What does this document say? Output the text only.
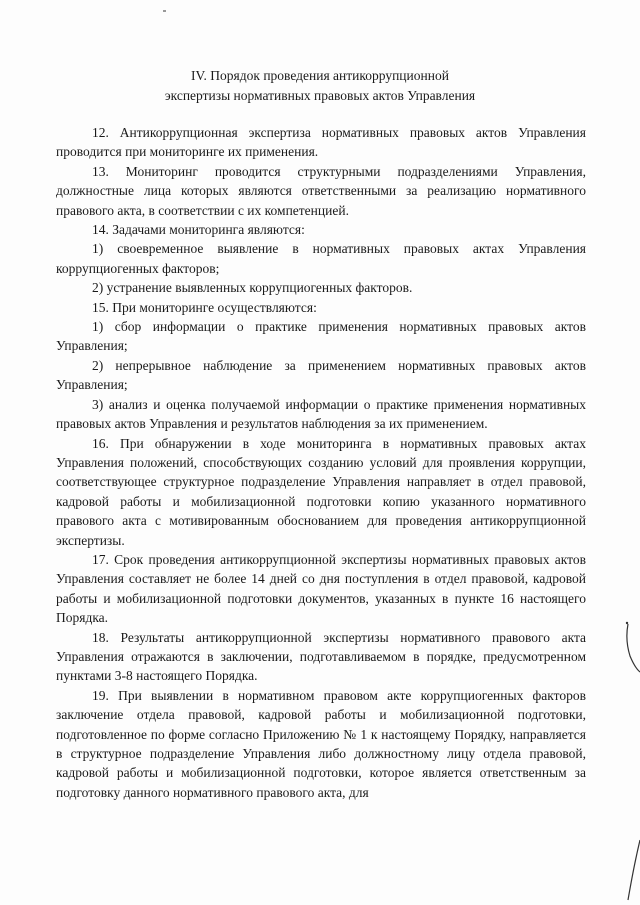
IV. Порядок проведения антикоррупционной
экспертизы нормативных правовых актов Управления

12. Антикоррупционная экспертиза нормативных правовых актов Управления проводится при мониторинге их применения.

13. Мониторинг проводится структурными подразделениями Управления, должностные лица которых являются ответственными за реализацию нормативного правового акта, в соответствии с их компетенцией.

14. Задачами мониторинга являются:

1) своевременное выявление в нормативных правовых актах Управления коррупциогенных факторов;

2) устранение выявленных коррупциогенных факторов.

15. При мониторинге осуществляются:

1) сбор информации о практике применения нормативных правовых актов Управления;

2) непрерывное наблюдение за применением нормативных правовых актов Управления;

3) анализ и оценка получаемой информации о практике применения нормативных правовых актов Управления и результатов наблюдения за их применением.

16. При обнаружении в ходе мониторинга в нормативных правовых актах Управления положений, способствующих созданию условий для проявления коррупции, соответствующее структурное подразделение Управления направляет в отдел правовой, кадровой работы и мобилизационной подготовки копию указанного нормативного правового акта с мотивированным обоснованием для проведения антикоррупционной экспертизы.

17. Срок проведения антикоррупционной экспертизы нормативных правовых актов Управления составляет не более 14 дней со дня поступления в отдел правовой, кадровой работы и мобилизационной подготовки документов, указанных в пункте 16 настоящего Порядка.

18. Результаты антикоррупционной экспертизы нормативного правового акта Управления отражаются в заключении, подготавливаемом в порядке, предусмотренном пунктами 3-8 настоящего Порядка.

19. При выявлении в нормативном правовом акте коррупциогенных факторов заключение отдела правовой, кадровой работы и мобилизационной подготовки, подготовленное по форме согласно Приложению № 1 к настоящему Порядку, направляется в структурное подразделение Управления либо должностному лицу отдела правовой, кадровой работы и мобилизационной подготовки, которое является ответственным за подготовку данного нормативного правового акта, для
